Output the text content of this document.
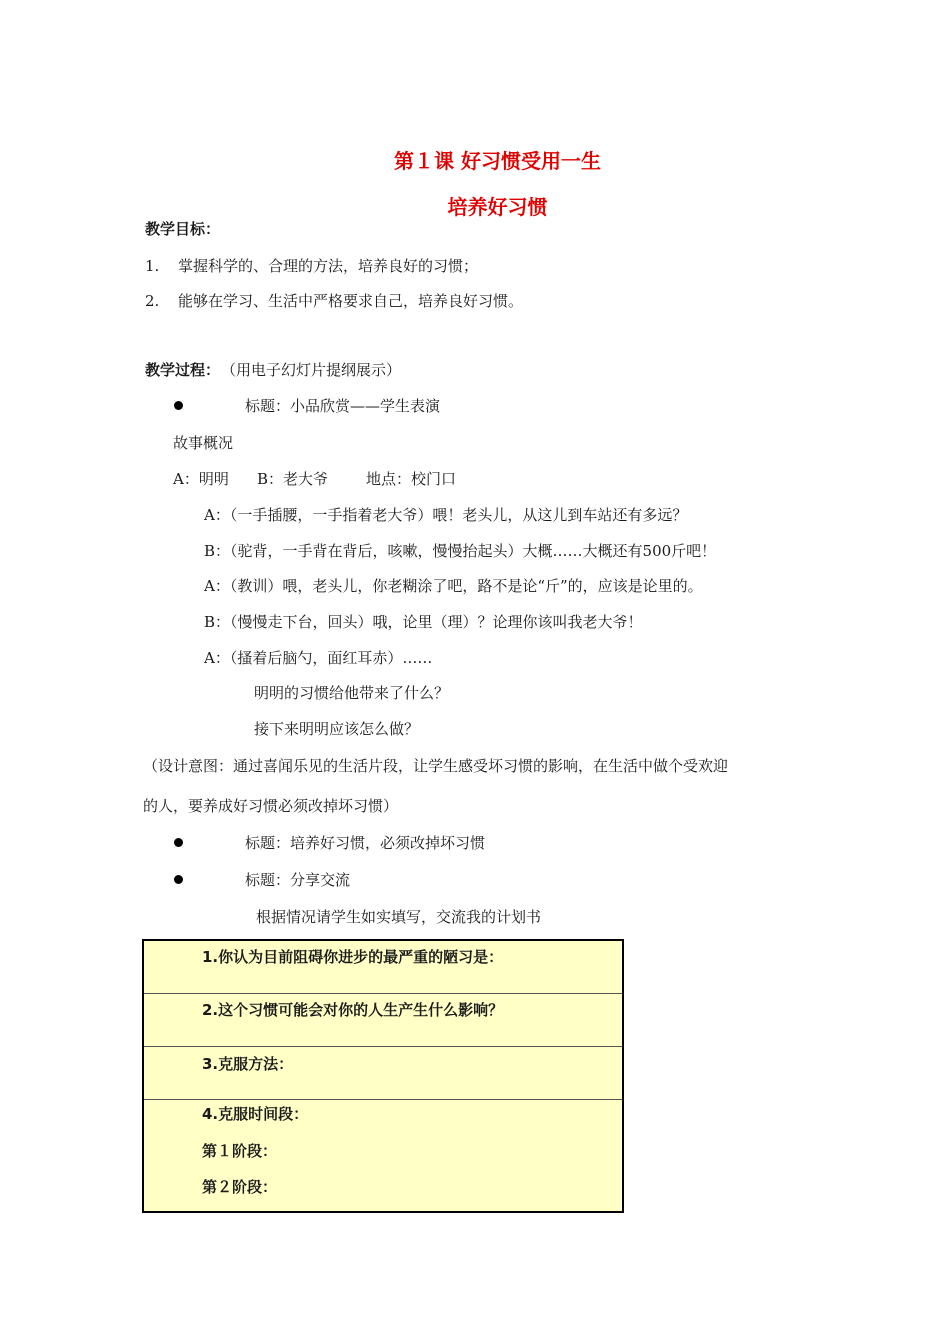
第１课 好习惯受用一生
培养好习惯
教学目标：
1. 掌握科学的、合理的方法，培养良好的习惯；
2. 能够在学习、生活中严格要求自己，培养良好习惯。
教学过程： （用电子幻灯片提纲展示）
标题：小品欣赏——学生表演
故事概况
A：明明 B：老大爷	地点：校门口
A：（一手插腰，一手指着老大爷）喂！老头儿，从这儿到车站还有多远？
B：（驼背，一手背在背后，咳嗽，慢慢抬起头）大概……大概还有500斤吧！
A：（教训）喂，老头儿，你老糊涂了吧，路不是论“斤”的，应该是论里的。
B：（慢慢走下台，回头）哦，论里（理）？论理你该叫我老大爷！
A：（搔着后脑勺，面红耳赤）……
明明的习惯给他带来了什么？
接下来明明应该怎么做？
（设计意图：通过喜闻乐见的生活片段，让学生感受坏习惯的影响，在生活中做个受欢迎
的人，要养成好习惯必须改掉坏习惯）
标题：培养好习惯，必须改掉坏习惯
标题：分享交流
根据情况请学生如实填写，交流我的计划书
1.你认为目前阻碍你进步的最严重的陋习是：
2.这个习惯可能会对你的人生产生什么影响？
3.克服方法：
4.克服时间段：
第１阶段：
第２阶段：
